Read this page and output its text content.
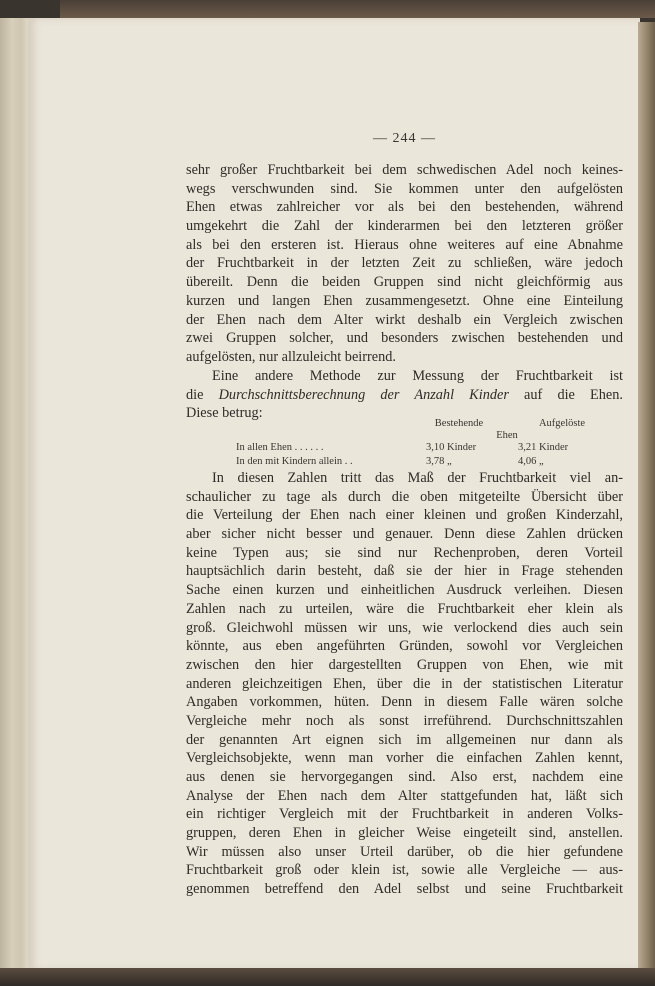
— 244 —
sehr großer Fruchtbarkeit bei dem schwedischen Adel noch keines-
wegs verschwunden sind. Sie kommen unter den aufgelösten
Ehen etwas zahlreicher vor als bei den bestehenden, während
umgekehrt die Zahl der kinderarmen bei den letzteren größer
als bei den ersteren ist. Hieraus ohne weiteres auf eine Abnahme
der Fruchtbarkeit in der letzten Zeit zu schließen, wäre jedoch
übereilt. Denn die beiden Gruppen sind nicht gleichförmig aus
kurzen und langen Ehen zusammengesetzt. Ohne eine Einteilung
der Ehen nach dem Alter wirkt deshalb ein Vergleich zwischen
zwei Gruppen solcher, und besonders zwischen bestehenden und
aufgelösten, nur allzuleicht beirrend.
Eine andere Methode zur Messung der Fruchtbarkeit ist
die Durchschnittsberechnung der Anzahl Kinder auf die Ehen.
Diese betrug:
Bestehende	Aufgelöste
Ehen
In allen Ehen . . . . . .	3,10 Kinder	3,21 Kinder
In den mit Kindern allein . .	3,78 „	4,06 „
In diesen Zahlen tritt das Maß der Fruchtbarkeit viel an-
schaulicher zu tage als durch die oben mitgeteilte Übersicht über
die Verteilung der Ehen nach einer kleinen und großen Kinderzahl,
aber sicher nicht besser und genauer. Denn diese Zahlen drücken
keine Typen aus; sie sind nur Rechenproben, deren Vorteil
hauptsächlich darin besteht, daß sie der hier in Frage stehenden
Sache einen kurzen und einheitlichen Ausdruck verleihen. Diesen
Zahlen nach zu urteilen, wäre die Fruchtbarkeit eher klein als
groß. Gleichwohl müssen wir uns, wie verlockend dies auch sein
könnte, aus eben angeführten Gründen, sowohl vor Vergleichen
zwischen den hier dargestellten Gruppen von Ehen, wie mit
anderen gleichzeitigen Ehen, über die in der statistischen Literatur
Angaben vorkommen, hüten. Denn in diesem Falle wären solche
Vergleiche mehr noch als sonst irreführend. Durchschnittszahlen
der genannten Art eignen sich im allgemeinen nur dann als
Vergleichsobjekte, wenn man vorher die einfachen Zahlen kennt,
aus denen sie hervorgegangen sind. Also erst, nachdem eine
Analyse der Ehen nach dem Alter stattgefunden hat, läßt sich
ein richtiger Vergleich mit der Fruchtbarkeit in anderen Volks-
gruppen, deren Ehen in gleicher Weise eingeteilt sind, anstellen.
Wir müssen also unser Urteil darüber, ob die hier gefundene
Fruchtbarkeit groß oder klein ist, sowie alle Vergleiche — aus-
genommen betreffend den Adel selbst und seine Fruchtbarkeit
